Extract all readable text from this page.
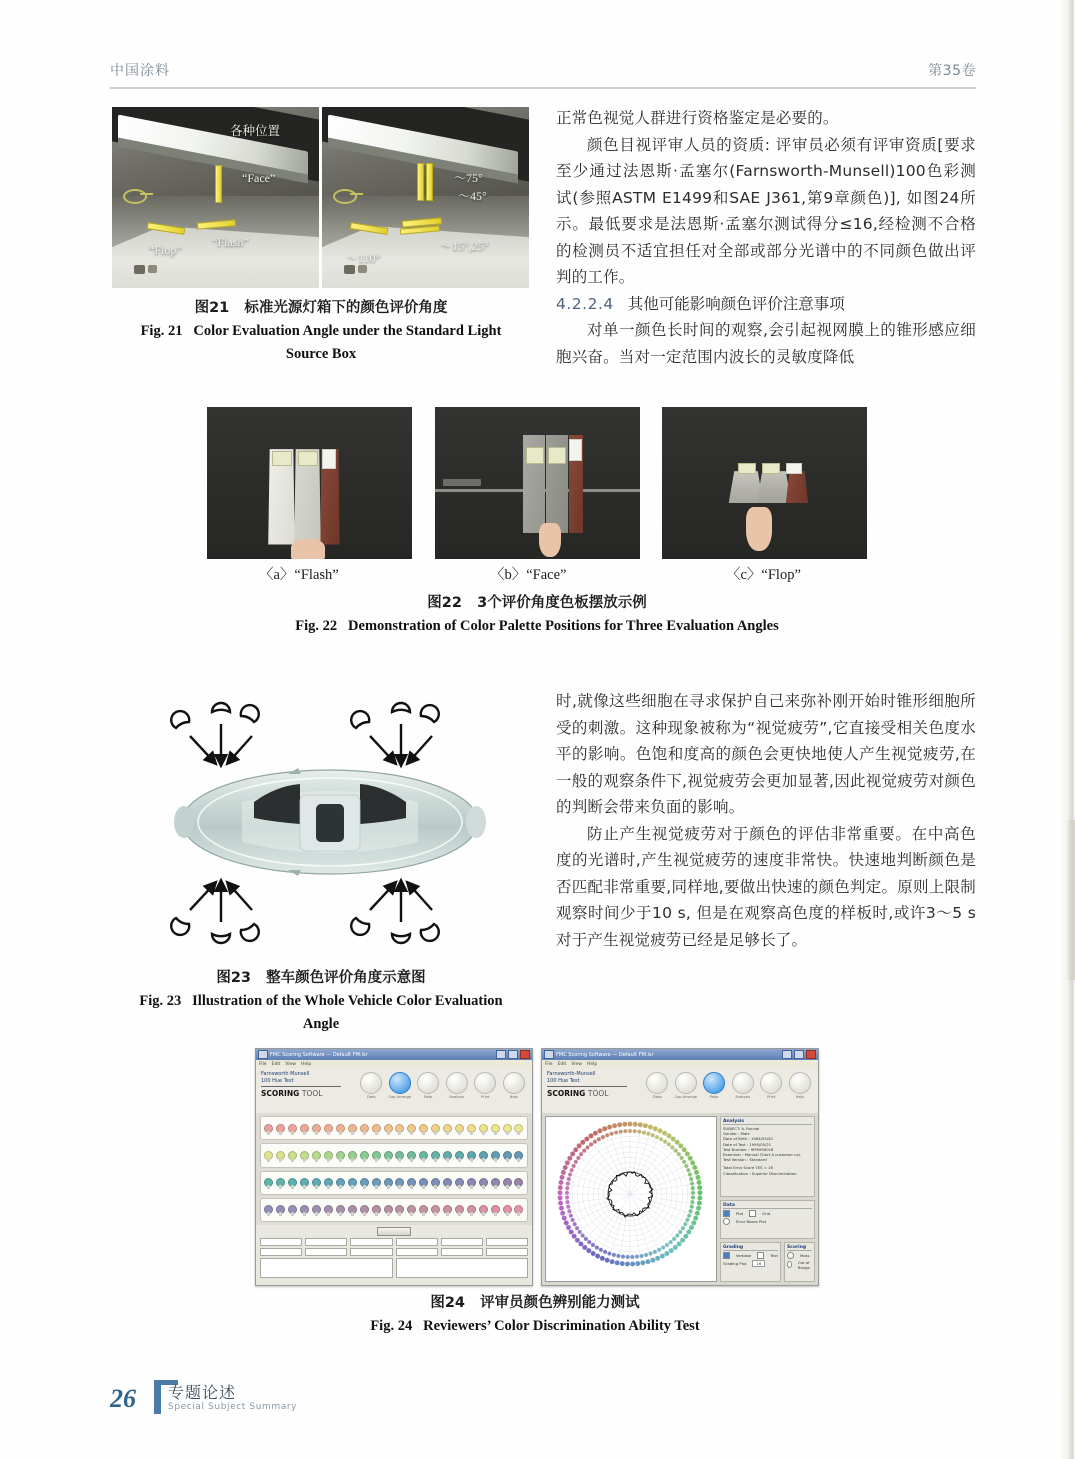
中国涂料	第35卷
各种位置
“Face”
“Flop”
“Flash”
～75°
～45°
～110°
～15°,25°
图21 标准光源灯箱下的颜色评价角度
Fig. 21 Color Evaluation Angle under the Standard Light
Source Box
正常色视觉人群进行资格鉴定是必要的。
颜色目视评审人员的资质: 评审员必须有评审资质[要求至少通过法恩斯·孟塞尔(Farnsworth-Munsell)100色彩测试(参照ASTM E1499和SAE J361,第9章颜色)], 如图24所示。最低要求是法恩斯·孟塞尔测试得分≤16,经检测不合格的检测员不适宜担任对全部或部分光谱中的不同颜色做出评判的工作。
4.2.2.4 其他可能影响颜色评价注意事项
对单一颜色长时间的观察,会引起视网膜上的锥形感应细胞兴奋。当对一定范围内波长的灵敏度降低
〈a〉“Flash”	〈b〉“Face”	〈c〉“Flop”
图22 3个评价角度色板摆放示例
Fig. 22 Demonstration of Color Palette Positions for Three Evaluation Angles
图23 整车颜色评价角度示意图
Fig. 23 Illustration of the Whole Vehicle Color Evaluation
Angle
时,就像这些细胞在寻求保护自己来弥补刚开始时锥形细胞所受的刺激。这种现象被称为“视觉疲劳”,它直接受相关色度水平的影响。色饱和度高的颜色会更快地使人产生视觉疲劳,在一般的观察条件下,视觉疲劳会更加显著,因此视觉疲劳对颜色的判断会带来负面的影响。
防止产生视觉疲劳对于颜色的评估非常重要。在中高色度的光谱时,产生视觉疲劳的速度非常快。快速地判断颜色是否匹配非常重要,同样地,要做出快速的颜色判定。原则上限制观察时间少于10 s, 但是在观察高色度的样板时,或许3～5 s对于产生视觉疲劳已经是足够长了。
FMC Scoring Software — Default FM.lsr
File Edit View Help
Farnsworth Munsell
100 Hue Test
SCORING TOOL	Data	Cap Arrange	Polar	Analysis	Print	Help
FMC Scoring Software — Default FM.lsr
File Edit View Help
Farnsworth-Munsell
100 Hue Test
SCORING TOOL	Data	Cap Arrange	Polar	Analysis	Print	Help
Analysis
SUBJECT: A. Runnal
Gender : Male
Date of Birth : 1964/05/20
Date of Test : 1995/05/21
Test Number : 9FMH99018
Examiner : Manual Chart A customer cal.
Test Version : Standard
Total Error Score TES = 16
Classification : Superior Discrimination
Data
Plot	Grid
Error Boxes Plot
Grading
Verbose	Text
Grading Plot	16
Scoring
Moss
Out of Range
图24 评审员颜色辨别能力测试
Fig. 24 Reviewers’ Color Discrimination Ability Test
26 专题论述
Special Subject Summary
